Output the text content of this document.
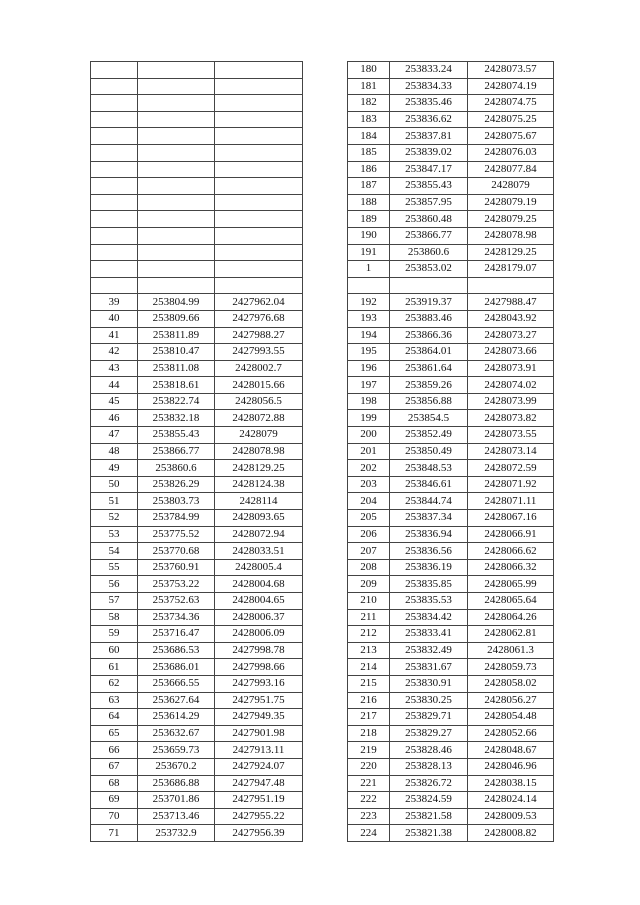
39	253804.99	2427962.04
40	253809.66	2427976.68
41	253811.89	2427988.27
42	253810.47	2427993.55
43	253811.08	2428002.7
44	253818.61	2428015.66
45	253822.74	2428056.5
46	253832.18	2428072.88
47	253855.43	2428079
48	253866.77	2428078.98
49	253860.6	2428129.25
50	253826.29	2428124.38
51	253803.73	2428114
52	253784.99	2428093.65
53	253775.52	2428072.94
54	253770.68	2428033.51
55	253760.91	2428005.4
56	253753.22	2428004.68
57	253752.63	2428004.65
58	253734.36	2428006.37
59	253716.47	2428006.09
60	253686.53	2427998.78
61	253686.01	2427998.66
62	253666.55	2427993.16
63	253627.64	2427951.75
64	253614.29	2427949.35
65	253632.67	2427901.98
66	253659.73	2427913.11
67	253670.2	2427924.07
68	253686.88	2427947.48
69	253701.86	2427951.19
70	253713.46	2427955.22
71	253732.9	2427956.39
180	253833.24	2428073.57
181	253834.33	2428074.19
182	253835.46	2428074.75
183	253836.62	2428075.25
184	253837.81	2428075.67
185	253839.02	2428076.03
186	253847.17	2428077.84
187	253855.43	2428079
188	253857.95	2428079.19
189	253860.48	2428079.25
190	253866.77	2428078.98
191	253860.6	2428129.25
1	253853.02	2428179.07

192	253919.37	2427988.47
193	253883.46	2428043.92
194	253866.36	2428073.27
195	253864.01	2428073.66
196	253861.64	2428073.91
197	253859.26	2428074.02
198	253856.88	2428073.99
199	253854.5	2428073.82
200	253852.49	2428073.55
201	253850.49	2428073.14
202	253848.53	2428072.59
203	253846.61	2428071.92
204	253844.74	2428071.11
205	253837.34	2428067.16
206	253836.94	2428066.91
207	253836.56	2428066.62
208	253836.19	2428066.32
209	253835.85	2428065.99
210	253835.53	2428065.64
211	253834.42	2428064.26
212	253833.41	2428062.81
213	253832.49	2428061.3
214	253831.67	2428059.73
215	253830.91	2428058.02
216	253830.25	2428056.27
217	253829.71	2428054.48
218	253829.27	2428052.66
219	253828.46	2428048.67
220	253828.13	2428046.96
221	253826.72	2428038.15
222	253824.59	2428024.14
223	253821.58	2428009.53
224	253821.38	2428008.82
